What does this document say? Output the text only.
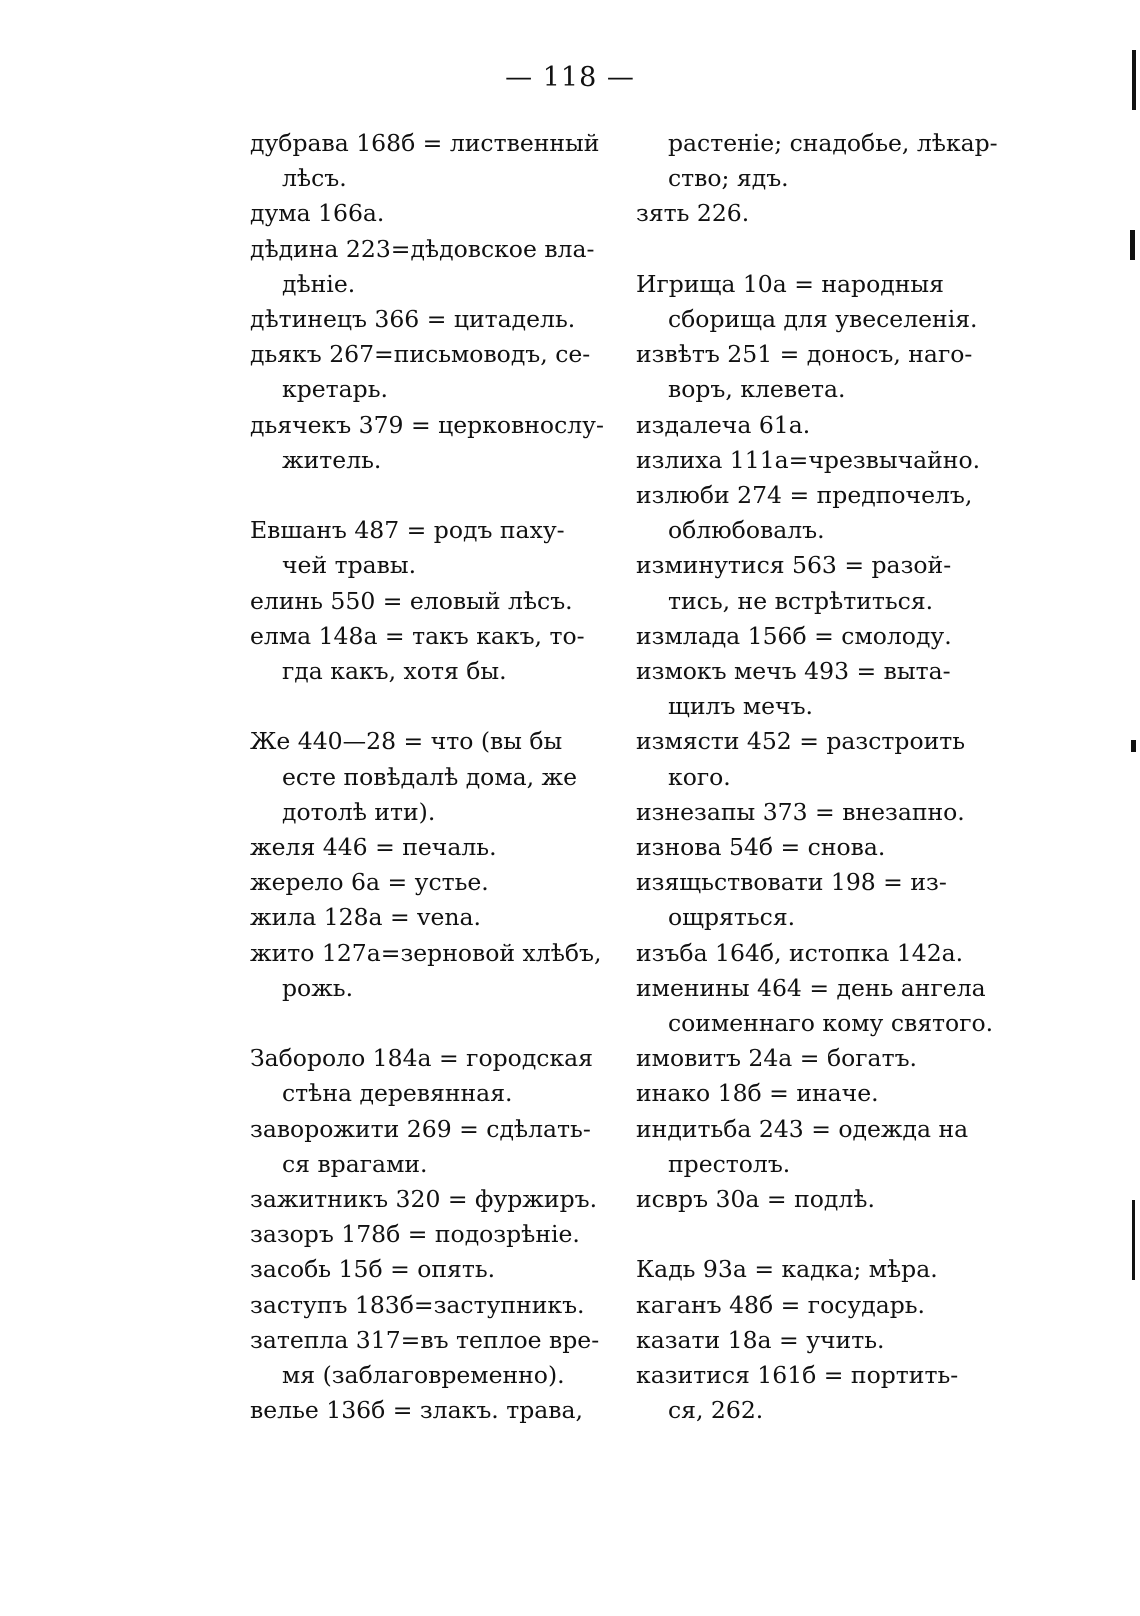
— 118 —
дубрава 168б = лиственный
лѣсъ.
дума 166а.
дѣдина 223=дѣдовское вла-
дѣніе.
дѣтинецъ 366 = цитадель.
дьякъ 267=письмоводъ, се-
кретарь.
дьячекъ 379 = церковнослу-
житель.
Евшанъ 487 = родъ паху-
чей травы.
елинь 550 = еловый лѣсъ.
елма 148а = такъ какъ, то-
гда какъ, хотя бы.
Же 440—28 = что (вы бы
есте повѣдалѣ дома, же
дотолѣ ити).
желя 446 = печаль.
жерело 6а = устье.
жила 128а = vena.
жито 127а=зерновой хлѣбъ,
рожь.
Забороло 184а = городская
стѣна деревянная.
заворожити 269 = сдѣлать-
ся врагами.
зажитникъ 320 = фуржиръ.
зазоръ 178б = подозрѣніе.
засобь 15б = опять.
заступъ 183б=заступникъ.
затепла 317=въ теплое вре-
мя (заблаговременно).
велье 136б = злакъ. трава,
растеніе; снадобье, лѣкар-
ство; ядъ.
зять 226.
Игрища 10а = народныя
сборища для увеселенія.
извѣтъ 251 = доносъ, наго-
воръ, клевета.
издалеча 61а.
излиха 111а=чрезвычайно.
излюби 274 = предпочелъ,
облюбовалъ.
изминутися 563 = разой-
тись, не встрѣтиться.
измлада 156б = смолоду.
измокъ мечъ 493 = выта-
щилъ мечъ.
измясти 452 = разстроить
кого.
изнезапы 373 = внезапно.
изнова 54б = снова.
изящьствовати 198 = из-
ощряться.
изъба 164б, истопка 142а.
именины 464 = день ангела
соименнаго кому святого.
имовитъ 24а = богатъ.
инако 18б = иначе.
индитьба 243 = одежда на
престолъ.
исвръ 30а = подлѣ.
Кадь 93а = кадка; мѣра.
каганъ 48б = государь.
казати 18а = учить.
казитися 161б = портить-
ся, 262.
